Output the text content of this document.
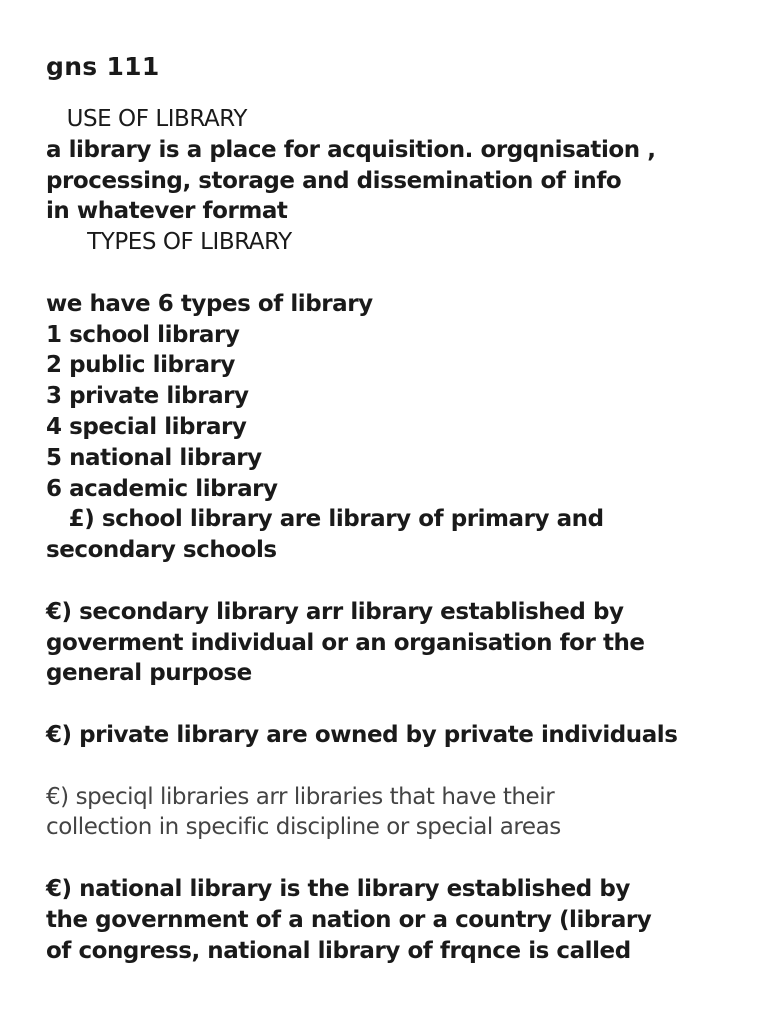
gns 111
USE OF LIBRARY
a library is a place for acquisition. orgqnisation ,
processing, storage and dissemination of info
in whatever format
TYPES OF LIBRARY
we have 6 types of library
1 school library
2 public library
3 private library
4 special library
5 national library
6 academic library
£) school library are library of primary and
secondary schools
€) secondary library arr library established by
goverment individual or an organisation for the
general purpose
€) private library are owned by private individuals
€) speciql libraries arr libraries that have their
collection in specific discipline or special areas
€) national library is the library established by
the government of a nation or a country (library
of congress, national library of frqnce is called
